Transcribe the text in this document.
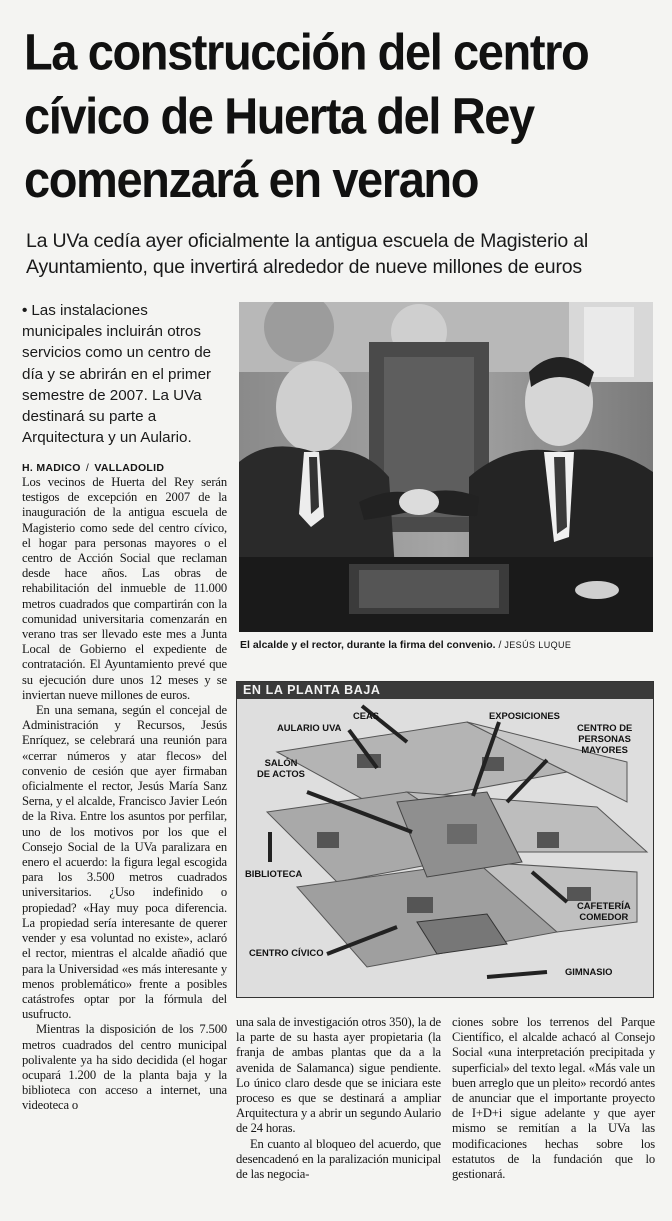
La construcción del centro
cívico de Huerta del Rey
comenzará en verano

La UVa cedía ayer oficialmente la antigua escuela de Magisterio al Ayuntamiento, que invertirá alrededor de nueve millones de euros

• Las instalaciones municipales incluirán otros servicios como un centro de día y se abrirán en el primer semestre de 2007. La UVa destinará su parte a Arquitectura y un Aulario.
H. MADICO / VALLADOLID

Los vecinos de Huerta del Rey serán testigos de excepción en 2007 de la inauguración de la antigua escuela de Magisterio como sede del centro cívico, el hogar para personas mayores o el centro de Acción Social que reclaman desde hace años. Las obras de rehabilitación del inmueble de 11.000 metros cuadrados que compartirán con la comunidad universitaria comenzarán en verano tras ser llevado este mes a Junta Local de Gobierno el expediente de contratación. El Ayuntamiento prevé que su ejecución dure unos 12 meses y se inviertan nueve millones de euros.

En una semana, según el concejal de Administración y Recursos, Jesús Enríquez, se celebrará una reunión para «cerrar números y atar flecos» del convenio de cesión que ayer firmaban oficialmente el rector, Jesús María Sanz Serna, y el alcalde, Francisco Javier León de la Riva. Entre los asuntos por perfilar, uno de los motivos por los que el Consejo Social de la UVa paralizara en enero el acuerdo: la figura legal escogida para los 3.500 metros cuadrados universitarios. ¿Uso indefinido o propiedad? «Hay muy poca diferencia. La propiedad sería interesante de querer vender y esa voluntad no existe», aclaró el rector, mientras el alcalde añadió que para la Universidad «es más interesante y menos problemático» frente a posibles catástrofes optar por la fórmula del usufructo.

Mientras la disposición de los 7.500 metros cuadrados del centro municipal polivalente ya ha sido decidida (el hogar ocupará 1.200 de la planta baja y la biblioteca con acceso a internet, una videoteca o

una sala de investigación otros 350), la de la parte de su hasta ayer propietaria (la franja de ambas plantas que da a la avenida de Salamanca) sigue pendiente. Lo único claro desde que se iniciara este proceso es que se destinará a ampliar Arquitectura y a abrir un segundo Aulario de 24 horas.

En cuanto al bloqueo del acuerdo, que desencadenó en la paralización municipal de las negocia-

ciones sobre los terrenos del Parque Científico, el alcalde achacó al Consejo Social «una interpretación precipitada y superficial» del texto legal. «Más vale un buen arreglo que un pleito» recordó antes de anunciar que el importante proyecto de I+D+i sigue adelante y que ayer mismo se remitían a la UVa las modificaciones hechas sobre los estatutos de la fundación que lo gestionará.

El alcalde y el rector, durante la firma del convenio. / JESÚS LUQUE

EN LA PLANTA BAJA
CEAS	EXPOSICIONES
AULARIO UVA	CENTRO DE
PERSONAS
MAYORES
SALÓN
DE ACTOS
BIBLIOTECA
CAFETERÍA
COMEDOR
CENTRO CÍVICO
GIMNASIO
